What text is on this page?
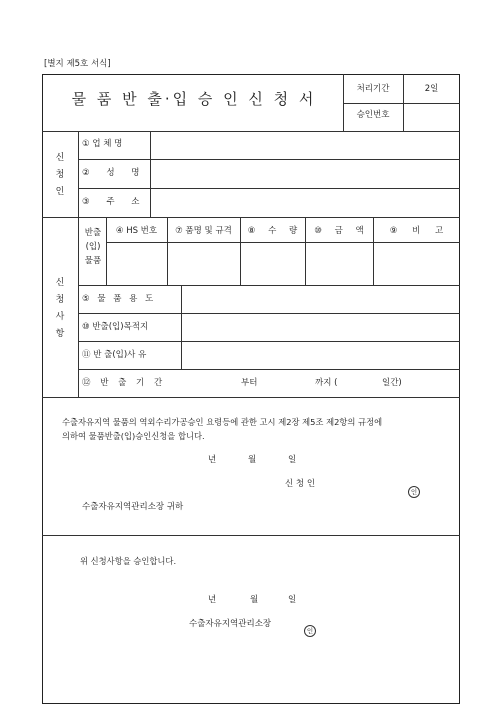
[별지 제5호 서식]
물 품 반 출·입 승 인 신 청 서
처리기간	2일
승인번호
신
청
인
① 업 체 명
② 성 명
③ 주 소
신
청
사
항
반출
(입)
물품
④ HS 번호	⑦ 품명 및 규격	⑧ 수 량	⑩ 금 액	⑨ 비 고
⑤ 물 품 용 도
⑩ 반출(입)목적지
⑪ 반 출(입)사 유
⑫ 반 출 기 간	부터	까지 (	일간)
수출자유지역 물품의 역외수리가공승인 요령등에 관한 고시 제2장 제5조 제2항의 규정에
의하여 물품반출(입)승인신청을 합니다.
년	월	일
신 청 인
인
수출자유지역관리소장 귀하
위 신청사항을 승인합니다.
년	월	일
수출자유지역관리소장
인
